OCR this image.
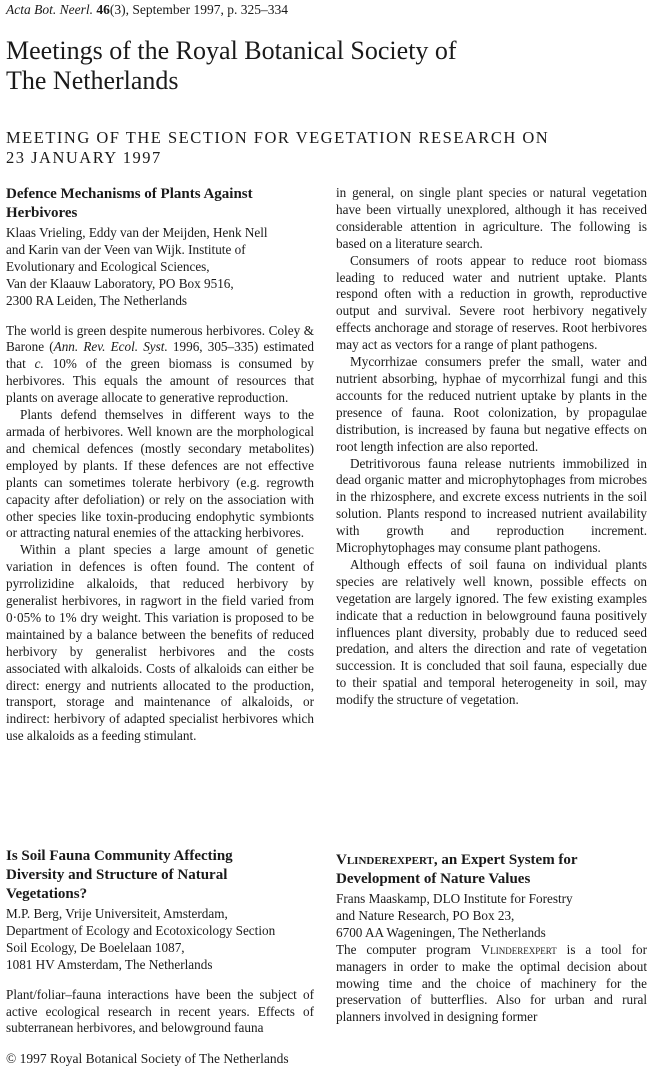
Acta Bot. Neerl. 46(3), September 1997, p. 325–334
Meetings of the Royal Botanical Society of
The Netherlands
MEETING OF THE SECTION FOR VEGETATION RESEARCH ON
23 JANUARY 1997
Defence Mechanisms of Plants Against
Herbivores
Klaas Vrieling, Eddy van der Meijden, Henk Nell
and Karin van der Veen van Wijk. Institute of
Evolutionary and Ecological Sciences,
Van der Klaauw Laboratory, PO Box 9516,
2300 RA Leiden, The Netherlands

The world is green despite numerous herbivores. Coley & Barone (Ann. Rev. Ecol. Syst. 1996, 305–335) estimated that c. 10% of the green biomass is consumed by herbivores. This equals the amount of resources that plants on average allocate to generative reproduction.

Plants defend themselves in different ways to the armada of herbivores. Well known are the morphological and chemical defences (mostly secondary metabolites) employed by plants. If these defences are not effective plants can sometimes tolerate herbivory (e.g. regrowth capacity after defoliation) or rely on the association with other species like toxin-producing endophytic symbionts or attracting natural enemies of the attacking herbivores.

Within a plant species a large amount of genetic variation in defences is often found. The content of pyrrolizidine alkaloids, that reduced herbivory by generalist herbivores, in ragwort in the field varied from 0·05% to 1% dry weight. This variation is proposed to be maintained by a balance between the benefits of reduced herbivory by generalist herbivores and the costs associated with alkaloids. Costs of alkaloids can either be direct: energy and nutrients allocated to the production, transport, storage and maintenance of alkaloids, or indirect: herbivory of adapted specialist herbivores which use alkaloids as a feeding stimulant.

in general, on single plant species or natural vegetation have been virtually unexplored, although it has received considerable attention in agriculture. The following is based on a literature search.

Consumers of roots appear to reduce root biomass leading to reduced water and nutrient uptake. Plants respond often with a reduction in growth, reproductive output and survival. Severe root herbivory negatively effects anchorage and storage of reserves. Root herbivores may act as vectors for a range of plant pathogens.

Mycorrhizae consumers prefer the small, water and nutrient absorbing, hyphae of mycorrhizal fungi and this accounts for the reduced nutrient uptake by plants in the presence of fauna. Root colonization, by propagulae distribution, is increased by fauna but negative effects on root length infection are also reported.

Detritivorous fauna release nutrients immobilized in dead organic matter and microphytophages from microbes in the rhizosphere, and excrete excess nutrients in the soil solution. Plants respond to increased nutrient availability with growth and reproduction increment. Microphytophages may consume plant pathogens.

Although effects of soil fauna on individual plants species are relatively well known, possible effects on vegetation are largely ignored. The few existing examples indicate that a reduction in belowground fauna positively influences plant diversity, probably due to reduced seed predation, and alters the direction and rate of vegetation succession. It is concluded that soil fauna, especially due to their spatial and temporal heterogeneity in soil, may modify the structure of vegetation.

Is Soil Fauna Community Affecting
Diversity and Structure of Natural
Vegetations?
M.P. Berg, Vrije Universiteit, Amsterdam,
Department of Ecology and Ecotoxicology Section
Soil Ecology, De Boelelaan 1087,
1081 HV Amsterdam, The Netherlands

Plant/foliar–fauna interactions have been the subject of active ecological research in recent years. Effects of subterranean herbivores, and belowground fauna

Vlinderexpert, an Expert System for
Development of Nature Values
Frans Maaskamp, DLO Institute for Forestry
and Nature Research, PO Box 23,
6700 AA Wageningen, The Netherlands

The computer program Vlinderexpert is a tool for managers in order to make the optimal decision about mowing time and the choice of machinery for the preservation of butterflies. Also for urban and rural planners involved in designing former

© 1997 Royal Botanical Society of The Netherlands
